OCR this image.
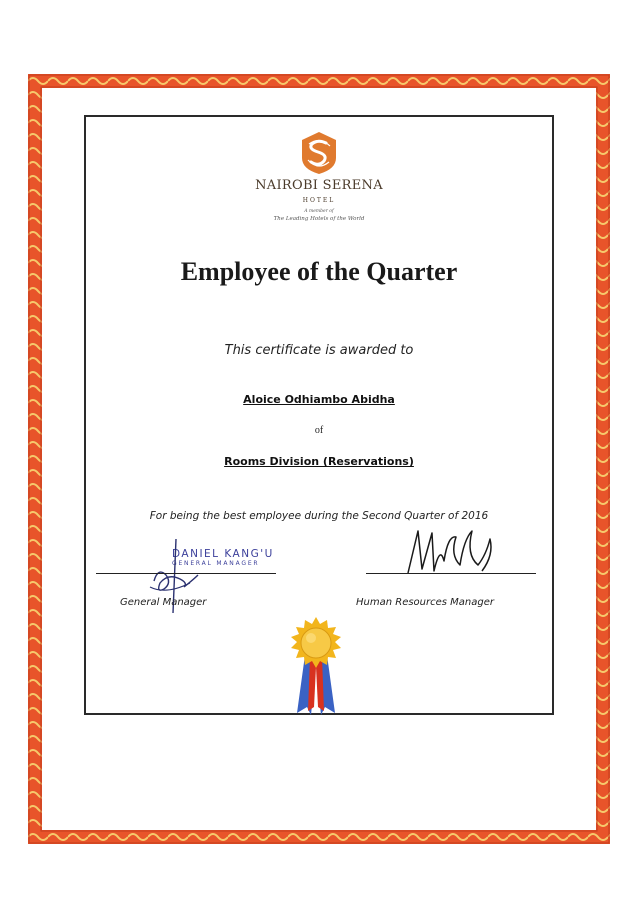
NAIROBI SERENA
HOTEL
A member of
The Leading Hotels of the World
Employee of the Quarter
This certificate is awarded to
Aloice Odhiambo Abidha
of
Rooms Division (Reservations)
For being the best employee during the Second Quarter of 2016
DANIEL KANG'U
GENERAL MANAGER
General Manager	Human Resources Manager
